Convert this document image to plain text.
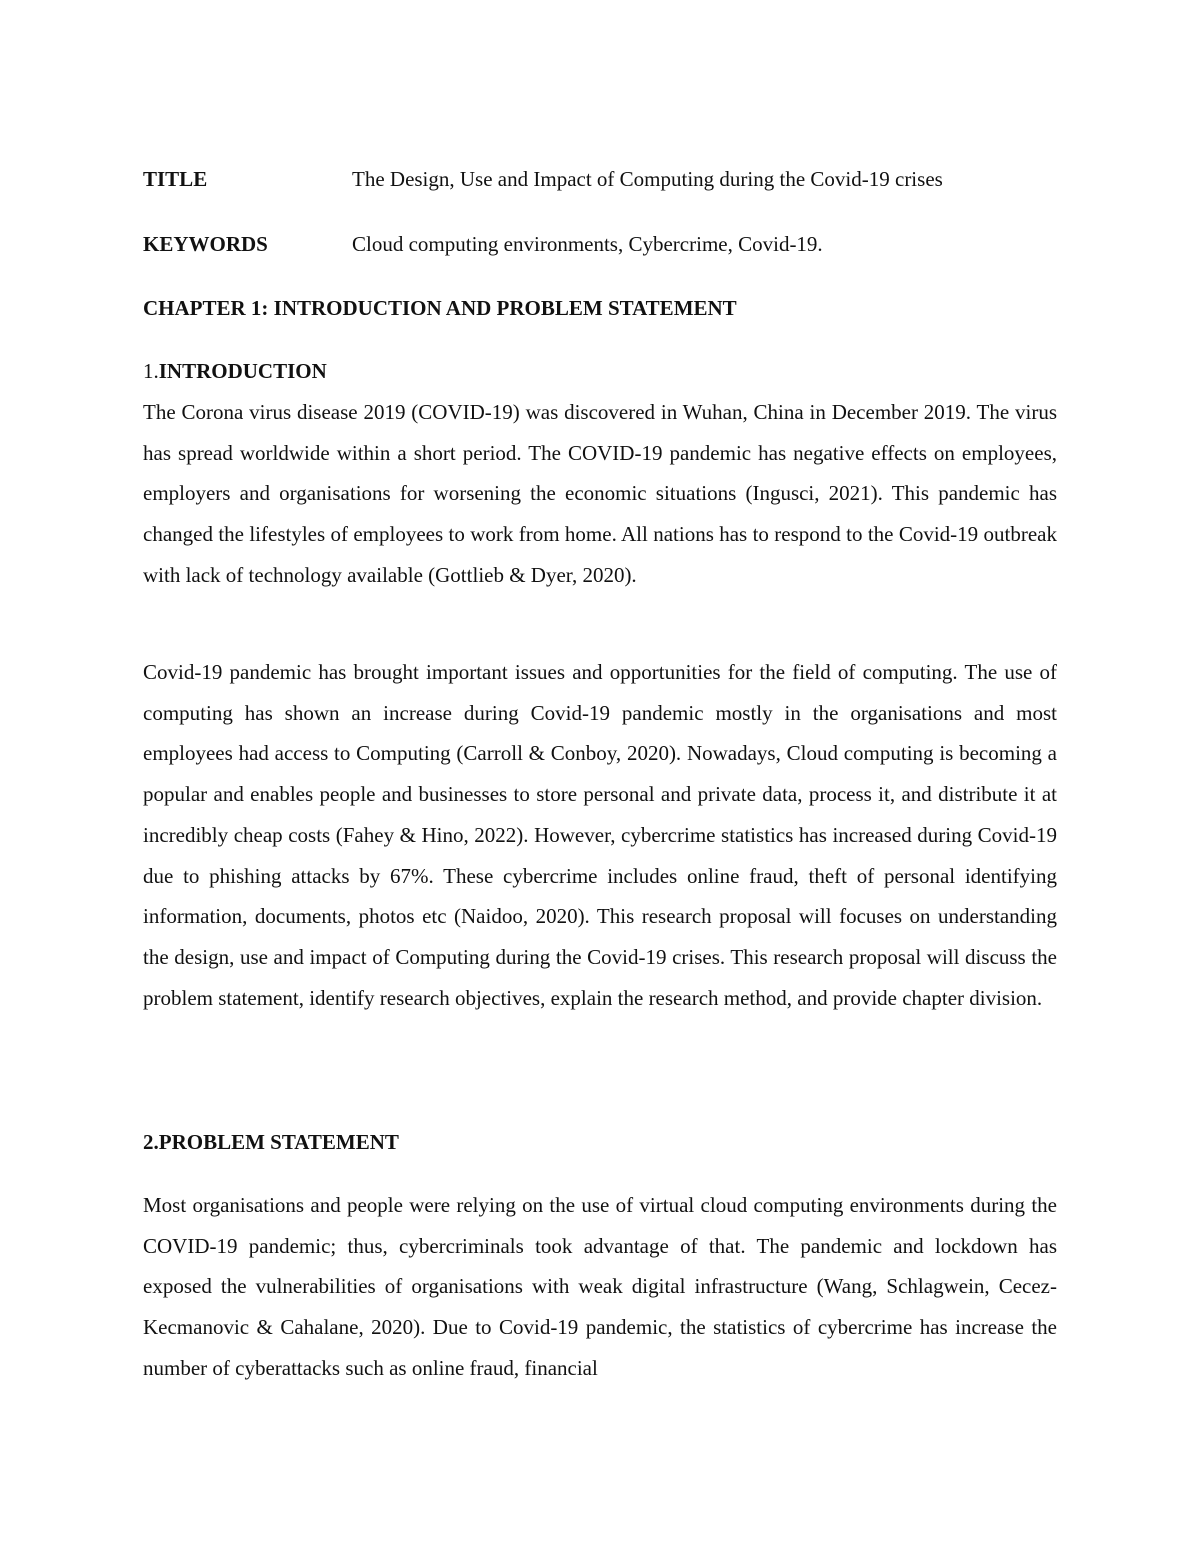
TITLE	The Design, Use and Impact of Computing during the Covid-19 crises
KEYWORDS	Cloud computing environments, Cybercrime, Covid-19.
CHAPTER 1: INTRODUCTION AND PROBLEM STATEMENT
1.INTRODUCTION

The Corona virus disease 2019 (COVID-19) was discovered in Wuhan, China in December 2019. The virus has spread worldwide within a short period. The COVID-19 pandemic has negative effects on employees, employers and organisations for worsening the economic situations (Ingusci, 2021). This pandemic has changed the lifestyles of employees to work from home. All nations has to respond to the Covid-19 outbreak with lack of technology available (Gottlieb & Dyer, 2020).

Covid-19 pandemic has brought important issues and opportunities for the field of computing. The use of computing has shown an increase during Covid-19 pandemic mostly in the organisations and most employees had access to Computing (Carroll & Conboy, 2020). Nowadays, Cloud computing is becoming a popular and enables people and businesses to store personal and private data, process it, and distribute it at incredibly cheap costs (Fahey & Hino, 2022). However, cybercrime statistics has increased during Covid-19 due to phishing attacks by 67%. These cybercrime includes online fraud, theft of personal identifying information, documents, photos etc (Naidoo, 2020). This research proposal will focuses on understanding the design, use and impact of Computing during the Covid-19 crises. This research proposal will discuss the problem statement, identify research objectives, explain the research method, and provide chapter division.

2.PROBLEM STATEMENT

Most organisations and people were relying on the use of virtual cloud computing environments during the COVID-19 pandemic; thus, cybercriminals took advantage of that. The pandemic and lockdown has exposed the vulnerabilities of organisations with weak digital infrastructure (Wang, Schlagwein, Cecez-Kecmanovic & Cahalane, 2020). Due to Covid-19 pandemic, the statistics of cybercrime has increase the number of cyberattacks such as online fraud, financial
